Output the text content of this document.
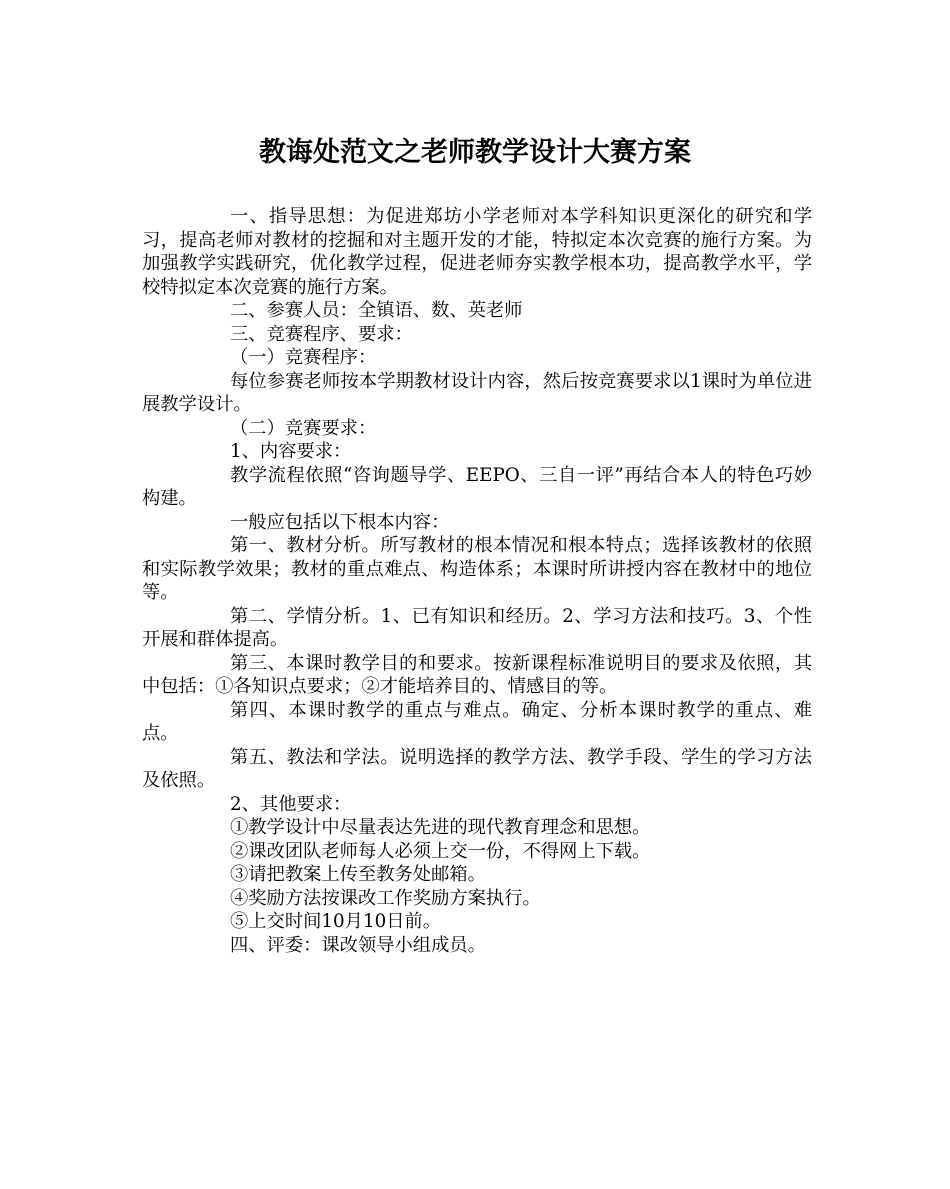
教诲处范文之老师教学设计大赛方案

一、指导思想：为促进郑坊小学老师对本学科知识更深化的研究和学习，提高老师对教材的挖掘和对主题开发的才能，特拟定本次竞赛的施行方案。为加强教学实践研究，优化教学过程，促进老师夯实教学根本功，提高教学水平，学校特拟定本次竞赛的施行方案。

二、参赛人员：全镇语、数、英老师

三、竞赛程序、要求：

（一）竞赛程序：

每位参赛老师按本学期教材设计内容，然后按竞赛要求以1课时为单位进展教学设计。

（二）竞赛要求：

1、内容要求：

教学流程依照“咨询题导学、EEPO、三自一评”再结合本人的特色巧妙构建。

一般应包括以下根本内容：

第一、教材分析。所写教材的根本情况和根本特点；选择该教材的依照和实际教学效果；教材的重点难点、构造体系；本课时所讲授内容在教材中的地位等。

第二、学情分析。1、已有知识和经历。2、学习方法和技巧。3、个性开展和群体提高。

第三、本课时教学目的和要求。按新课程标准说明目的要求及依照，其中包括：①各知识点要求；②才能培养目的、情感目的等。

第四、本课时教学的重点与难点。确定、分析本课时教学的重点、难点。

第五、教法和学法。说明选择的教学方法、教学手段、学生的学习方法及依照。

2、其他要求：

①教学设计中尽量表达先进的现代教育理念和思想。

②课改团队老师每人必须上交一份，不得网上下载。

③请把教案上传至教务处邮箱。

④奖励方法按课改工作奖励方案执行。

⑤上交时间10月10日前。

四、评委：课改领导小组成员。
